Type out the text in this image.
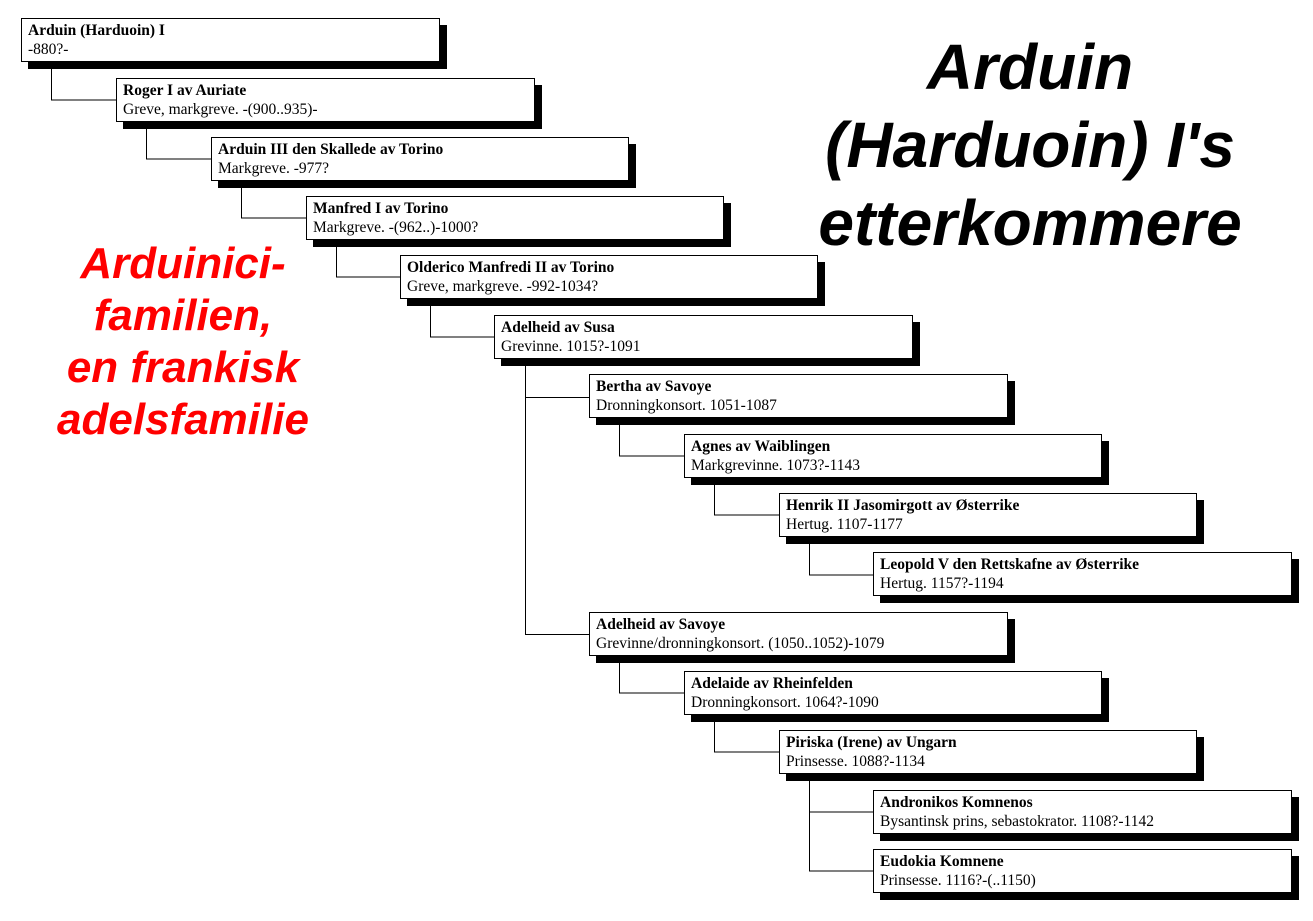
Arduin
(Harduoin) I's
etterkommere
Arduinici-
familien,
en frankisk
adelsfamilie
Arduin (Harduoin) I
-880?-
Roger I av Auriate
Greve, markgreve. -(900..935)-
Arduin III den Skallede av Torino
Markgreve. -977?
Manfred I av Torino
Markgreve. -(962..)-1000?
Olderico Manfredi II av Torino
Greve, markgreve. -992-1034?
Adelheid av Susa
Grevinne. 1015?-1091
Bertha av Savoye
Dronningkonsort. 1051-1087
Agnes av Waiblingen
Markgrevinne. 1073?-1143
Henrik II Jasomirgott av Østerrike
Hertug. 1107-1177
Leopold V den Rettskafne av Østerrike
Hertug. 1157?-1194
Adelheid av Savoye
Grevinne/dronningkonsort. (1050..1052)-1079
Adelaide av Rheinfelden
Dronningkonsort. 1064?-1090
Piriska (Irene) av Ungarn
Prinsesse. 1088?-1134
Andronikos Komnenos
Bysantinsk prins, sebastokrator. 1108?-1142
Eudokia Komnene
Prinsesse. 1116?-(..1150)
